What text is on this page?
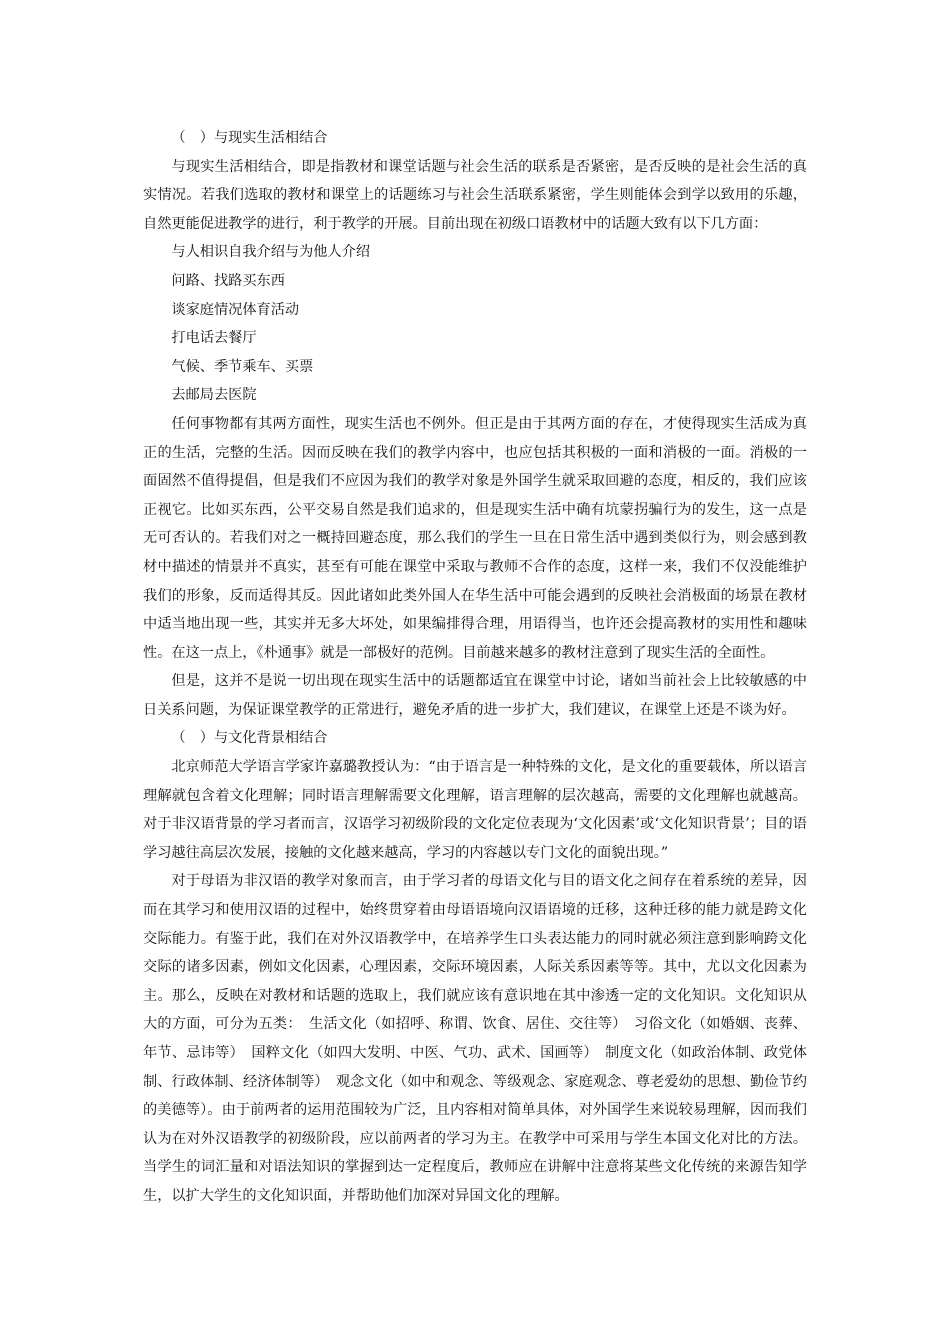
（　）与现实生活相结合

与现实生活相结合，即是指教材和课堂话题与社会生活的联系是否紧密，是否反映的是社会生活的真实情况。若我们选取的教材和课堂上的话题练习与社会生活联系紧密，学生则能体会到学以致用的乐趣，自然更能促进教学的进行，利于教学的开展。目前出现在初级口语教材中的话题大致有以下几方面：

与人相识自我介绍与为他人介绍

问路、找路买东西

谈家庭情况体育活动

打电话去餐厅

气候、季节乘车、买票

去邮局去医院

任何事物都有其两方面性，现实生活也不例外。但正是由于其两方面的存在，才使得现实生活成为真正的生活，完整的生活。因而反映在我们的教学内容中，也应包括其积极的一面和消极的一面。消极的一面固然不值得提倡，但是我们不应因为我们的教学对象是外国学生就采取回避的态度，相反的，我们应该正视它。比如买东西，公平交易自然是我们追求的，但是现实生活中确有坑蒙拐骗行为的发生，这一点是无可否认的。若我们对之一概持回避态度，那么我们的学生一旦在日常生活中遇到类似行为，则会感到教材中描述的情景并不真实，甚至有可能在课堂中采取与教师不合作的态度，这样一来，我们不仅没能维护我们的形象，反而适得其反。因此诸如此类外国人在华生活中可能会遇到的反映社会消极面的场景在教材中适当地出现一些，其实并无多大坏处，如果编排得合理，用语得当，也许还会提高教材的实用性和趣味性。在这一点上，《朴通事》就是一部极好的范例。目前越来越多的教材注意到了现实生活的全面性。

但是，这并不是说一切出现在现实生活中的话题都适宜在课堂中讨论，诸如当前社会上比较敏感的中日关系问题，为保证课堂教学的正常进行，避免矛盾的进一步扩大，我们建议，在课堂上还是不谈为好。

（　）与文化背景相结合

北京师范大学语言学家许嘉璐教授认为：“由于语言是一种特殊的文化，是文化的重要载体，所以语言理解就包含着文化理解；同时语言理解需要文化理解，语言理解的层次越高，需要的文化理解也就越高。对于非汉语背景的学习者而言，汉语学习初级阶段的文化定位表现为‘文化因素’或‘文化知识背景’；目的语学习越往高层次发展，接触的文化越来越高，学习的内容越以专门文化的面貌出现。”

对于母语为非汉语的教学对象而言，由于学习者的母语文化与目的语文化之间存在着系统的差异，因而在其学习和使用汉语的过程中，始终贯穿着由母语语境向汉语语境的迁移，这种迁移的能力就是跨文化交际能力。有鉴于此，我们在对外汉语教学中，在培养学生口头表达能力的同时就必须注意到影响跨文化交际的诸多因素，例如文化因素，心理因素，交际环境因素，人际关系因素等等。其中，尤以文化因素为主。那么，反映在对教材和话题的选取上，我们就应该有意识地在其中渗透一定的文化知识。文化知识从大的方面，可分为五类：　生活文化（如招呼、称谓、饮食、居住、交往等）　习俗文化（如婚姻、丧葬、年节、忌讳等）　国粹文化（如四大发明、中医、气功、武术、国画等）　制度文化（如政治体制、政党体制、行政体制、经济体制等）　观念文化（如中和观念、等级观念、家庭观念、尊老爱幼的思想、勤俭节约的美德等）。由于前两者的运用范围较为广泛，且内容相对简单具体，对外国学生来说较易理解，因而我们认为在对外汉语教学的初级阶段，应以前两者的学习为主。在教学中可采用与学生本国文化对比的方法。当学生的词汇量和对语法知识的掌握到达一定程度后，教师应在讲解中注意将某些文化传统的来源告知学生，以扩大学生的文化知识面，并帮助他们加深对异国文化的理解。
